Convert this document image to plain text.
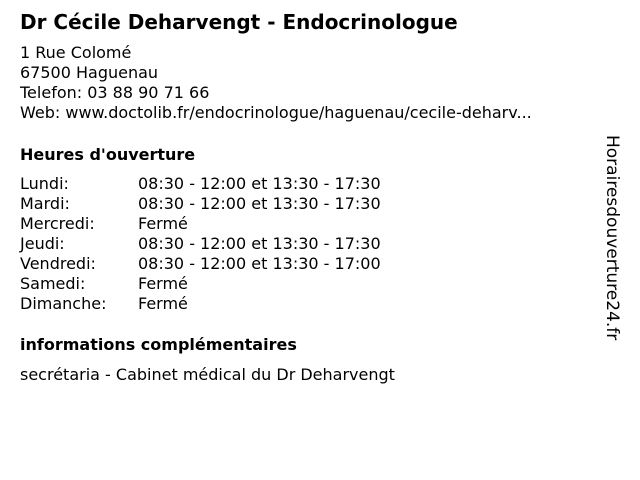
Dr Cécile Deharvengt - Endocrinologue
1 Rue Colomé
67500 Haguenau
Telefon: 03 88 90 71 66
Web: www.doctolib.fr/endocrinologue/haguenau/cecile-deharv...
Heures d'ouverture
Lundi:	08:30 - 12:00 et 13:30 - 17:30
Mardi:	08:30 - 12:00 et 13:30 - 17:30
Mercredi:	Fermé
Jeudi:	08:30 - 12:00 et 13:30 - 17:30
Vendredi:	08:30 - 12:00 et 13:30 - 17:00
Samedi:	Fermé
Dimanche: Fermé
informations complémentaires
secrétaria - Cabinet médical du Dr Deharvengt
Horairesdouverture24.fr
